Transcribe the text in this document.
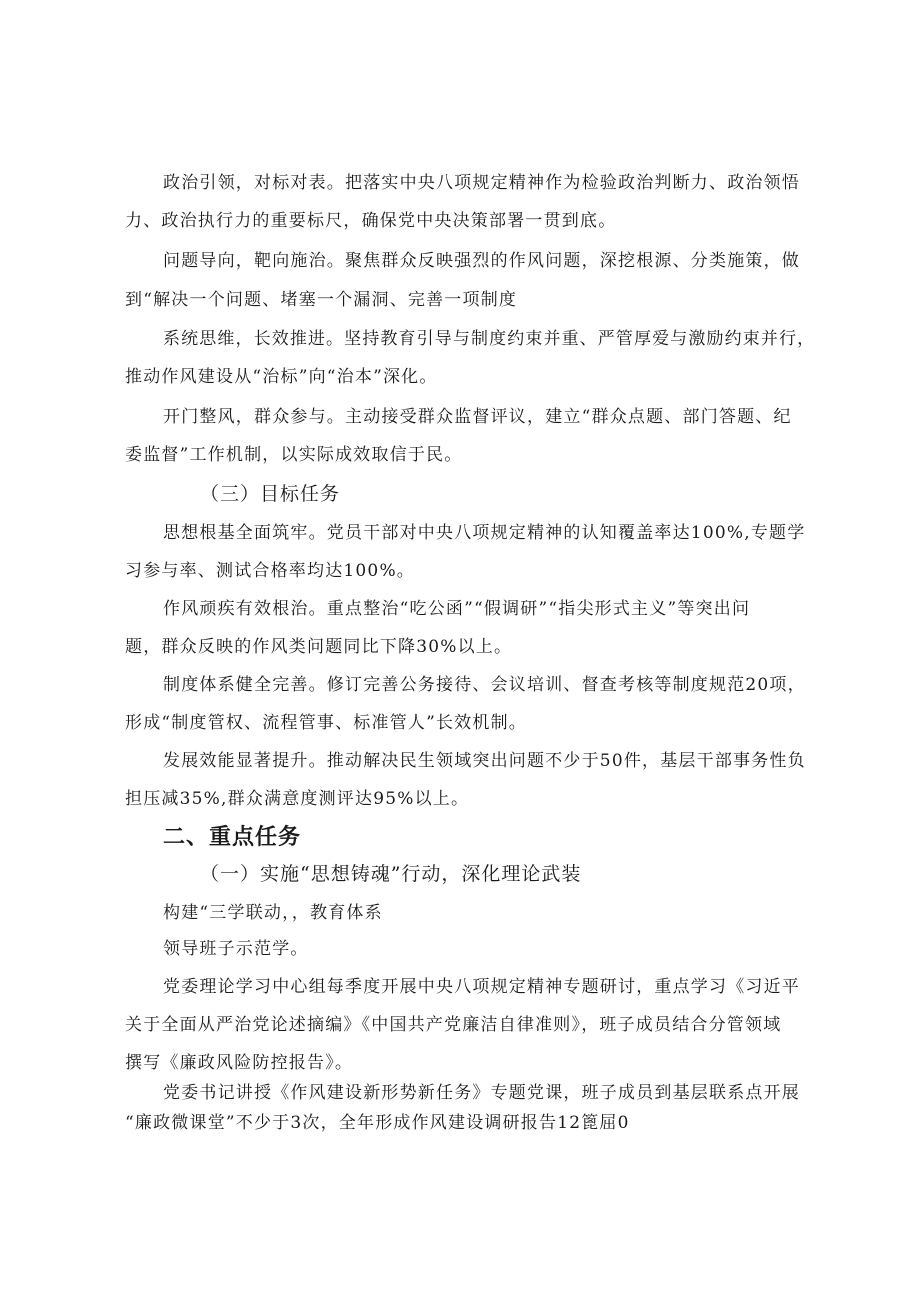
政治引领，对标对表。把落实中央八项规定精神作为检验政治判断力、政治领悟
力、政治执行力的重要标尺，确保党中央决策部署一贯到底。
问题导向，靶向施治。聚焦群众反映强烈的作风问题，深挖根源、分类施策，做
到“解决一个问题、堵塞一个漏洞、完善一项制度
系统思维，长效推进。坚持教育引导与制度约束并重、严管厚爱与激励约束并行，
推动作风建设从“治标”向“治本”深化。
开门整风，群众参与。主动接受群众监督评议，建立“群众点题、部门答题、纪
委监督”工作机制，以实际成效取信于民。
（三）目标任务
思想根基全面筑牢。党员干部对中央八项规定精神的认知覆盖率达100%,专题学
习参与率、测试合格率均达100%。
作风顽疾有效根治。重点整治“吃公函”“假调研”“指尖形式主义”等突出问
题，群众反映的作风类问题同比下降30%以上。
制度体系健全完善。修订完善公务接待、会议培训、督查考核等制度规范20项，
形成“制度管权、流程管事、标准管人”长效机制。
发展效能显著提升。推动解决民生领域突出问题不少于50件，基层干部事务性负
担压减35%,群众满意度测评达95%以上。
二、重点任务
（一）实施“思想铸魂”行动，深化理论武装
构建“三学联动，，教育体系
领导班子示范学。
党委理论学习中心组每季度开展中央八项规定精神专题研讨，重点学习《习近平
关于全面从严治党论述摘编》《中国共产党廉洁自律准则》，班子成员结合分管领域
撰写《廉政风险防控报告》。
党委书记讲授《作风建设新形势新任务》专题党课，班子成员到基层联系点开展
“廉政微课堂”不少于3次，全年形成作风建设调研报告12篦屈0
